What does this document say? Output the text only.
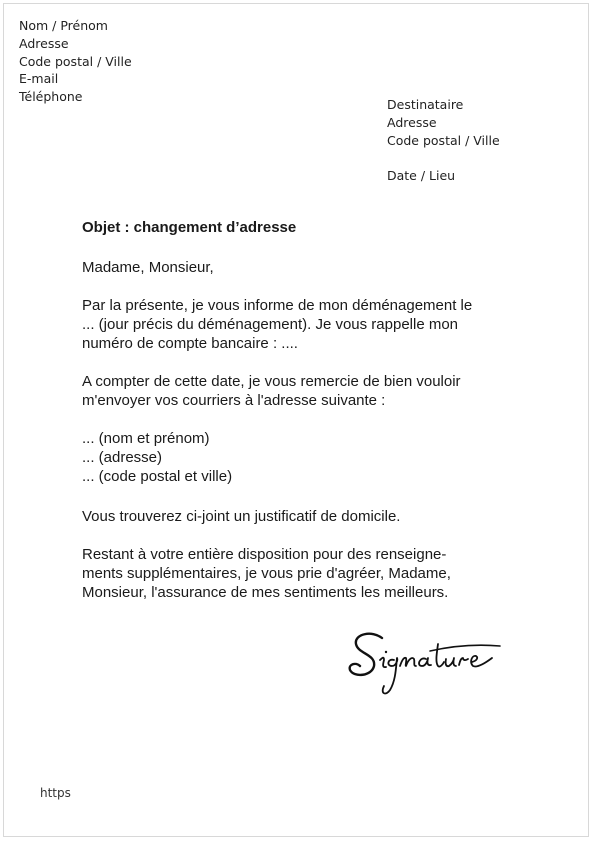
Nom / Prénom
Adresse
Code postal / Ville
E-mail
Téléphone
Destinataire
Adresse
Code postal / Ville
Date / Lieu
Objet : changement d’adresse
Madame, Monsieur,
Par la présente, je vous informe de mon déménagement le
... (jour précis du déménagement). Je vous rappelle mon
numéro de compte bancaire : ....
A compter de cette date, je vous remercie de bien vouloir
m'envoyer vos courriers à l'adresse suivante :
... (nom et prénom)
... (adresse)
... (code postal et ville)
Vous trouverez ci-joint un justificatif de domicile.
Restant à votre entière disposition pour des renseigne-
ments supplémentaires, je vous prie d'agréer, Madame,
Monsieur, l'assurance de mes sentiments les meilleurs.
https
